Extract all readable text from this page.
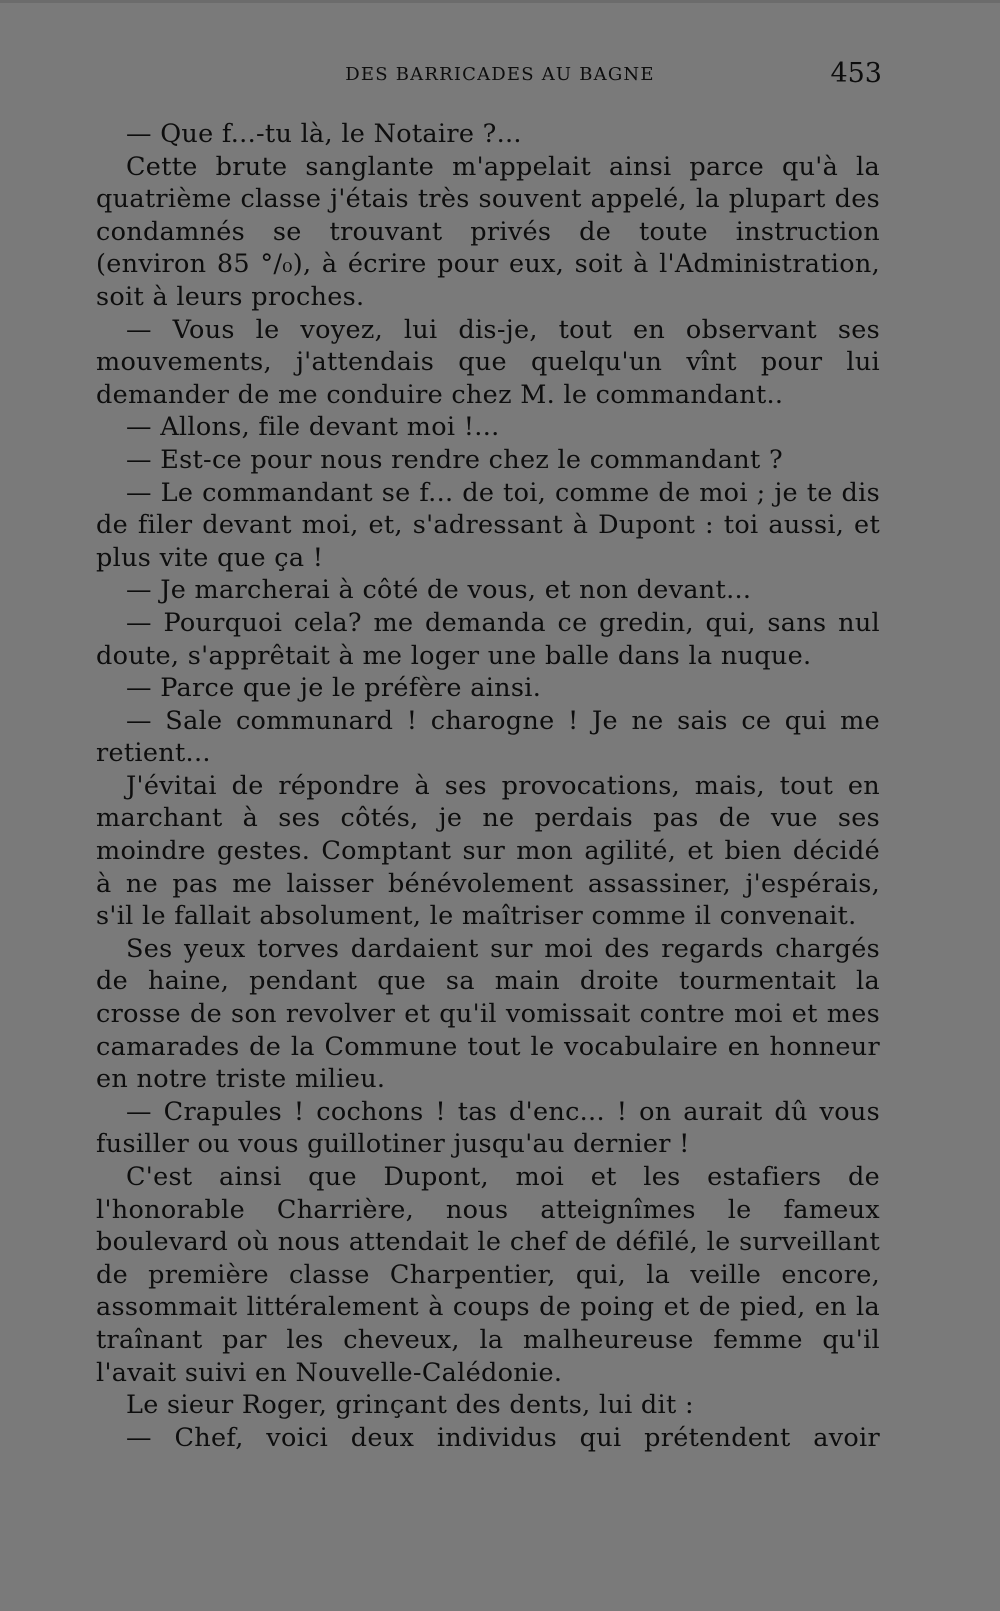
DES BARRICADES AU BAGNE	453

— Que f...-tu là, le Notaire ?...

Cette brute sanglante m'appelait ainsi parce qu'à la quatrième classe j'étais très souvent appelé, la plupart des condamnés se trouvant privés de toute instruction (environ 85 °/₀), à écrire pour eux, soit à l'Administration, soit à leurs proches.

— Vous le voyez, lui dis-je, tout en observant ses mouvements, j'attendais que quelqu'un vînt pour lui demander de me conduire chez M. le commandant..

— Allons, file devant moi !...

— Est-ce pour nous rendre chez le commandant ?

— Le commandant se f... de toi, comme de moi ; je te dis de filer devant moi, et, s'adressant à Dupont : toi aussi, et plus vite que ça !

— Je marcherai à côté de vous, et non devant...

— Pourquoi cela? me demanda ce gredin, qui, sans nul doute, s'apprêtait à me loger une balle dans la nuque.

— Parce que je le préfère ainsi.

— Sale communard ! charogne ! Je ne sais ce qui me retient...

J'évitai de répondre à ses provocations, mais, tout en marchant à ses côtés, je ne perdais pas de vue ses moindre gestes. Comptant sur mon agilité, et bien décidé à ne pas me laisser bénévolement assassiner, j'espérais, s'il le fallait absolument, le maîtriser comme il convenait.

Ses yeux torves dardaient sur moi des regards chargés de haine, pendant que sa main droite tourmentait la crosse de son revolver et qu'il vomissait contre moi et mes camarades de la Commune tout le vocabulaire en honneur en notre triste milieu.

— Crapules ! cochons ! tas d'enc... ! on aurait dû vous fusiller ou vous guillotiner jusqu'au dernier !

C'est ainsi que Dupont, moi et les estafiers de l'honorable Charrière, nous atteignîmes le fameux boulevard où nous attendait le chef de défilé, le surveillant de première classe Charpentier, qui, la veille encore, assommait littéralement à coups de poing et de pied, en la traînant par les cheveux, la malheureuse femme qu'il l'avait suivi en Nouvelle-Calédonie.

Le sieur Roger, grinçant des dents, lui dit :

— Chef, voici deux individus qui prétendent avoir
